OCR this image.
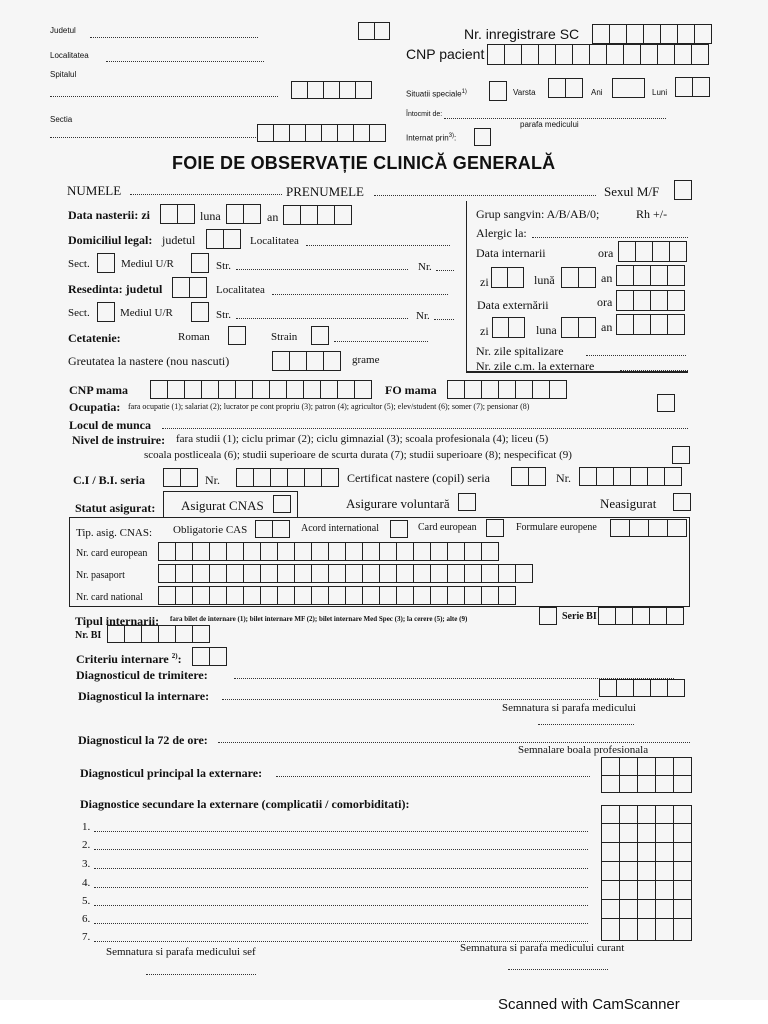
Judetul
Localitatea
Spitalul
Sectia
Nr. inregistrare SC
CNP pacient
Situatii speciale$^{1)}$	Varsta	Ani	Luni
Întocmit de:
parafa medicului
Internat prin$^{3)}$:
FOIE DE OBSERVAȚIE CLINICĂ GENERALĂ
NUMELE	PRENUMELE	Sexul M/F
Data nasterii: zi	luna	an
Domiciliul legal: judetul	Localitatea
Sect.	Mediul U/R	Str.	Nr.
Resedinta: judetul	Localitatea
Sect.	Mediul U/R	Str.	Nr.
Cetatenie:	Roman	Strain
Greutatea la nastere (nou nascuti)	grame
Grup sangvin: A/B/AB/0;	Rh +/-
Alergic la:
Data internarii	ora
zi	lună	an
Data externării	ora
zi	luna	an
Nr. zile spitalizare
Nr. zile c.m. la externare
CNP mama	FO mama
Ocupatia: fara ocupatie (1); salariat (2); lucrator pe cont propriu (3); patron (4); agricultor (5); elev/student (6); somer (7); pensionar (8)
Locul de munca
Nivel de instruire: fara studii (1); ciclu primar (2); ciclu gimnazial (3); scoala profesionala (4); liceu (5)
scoala postliceala (6); studii superioare de scurta durata (7); studii superioare (8); nespecificat (9)
C.I / B.I. seria	Nr.	Certificat nastere (copil) seria	Nr.
Statut asigurat: Asigurat CNAS	Asigurare voluntară	Neasigurat
Tip. asig. CNAS: Obligatorie CAS	Acord international	Card european	Formulare europene
Nr. card european
Nr. pasaport
Nr. card national
Tipul internarii: fara bilet de internare (1); bilet internare MF (2); bilet internare Med Spec (3); la cerere (5); alte (9)	Serie BI
Nr. BI
Criteriu internare $^{2)}$:
Diagnosticul de trimitere:
Diagnosticul la internare:
Semnatura si parafa medicului
Diagnosticul la 72 de ore:
Semnalare boala profesionala
Diagnosticul principal la externare:
Diagnostice secundare la externare (complicatii / comorbiditati):
1.
2.
3.
4.
5.
6.
7.
Semnatura si parafa medicului sef	Semnatura si parafa medicului curant
Scanned with CamScanner
